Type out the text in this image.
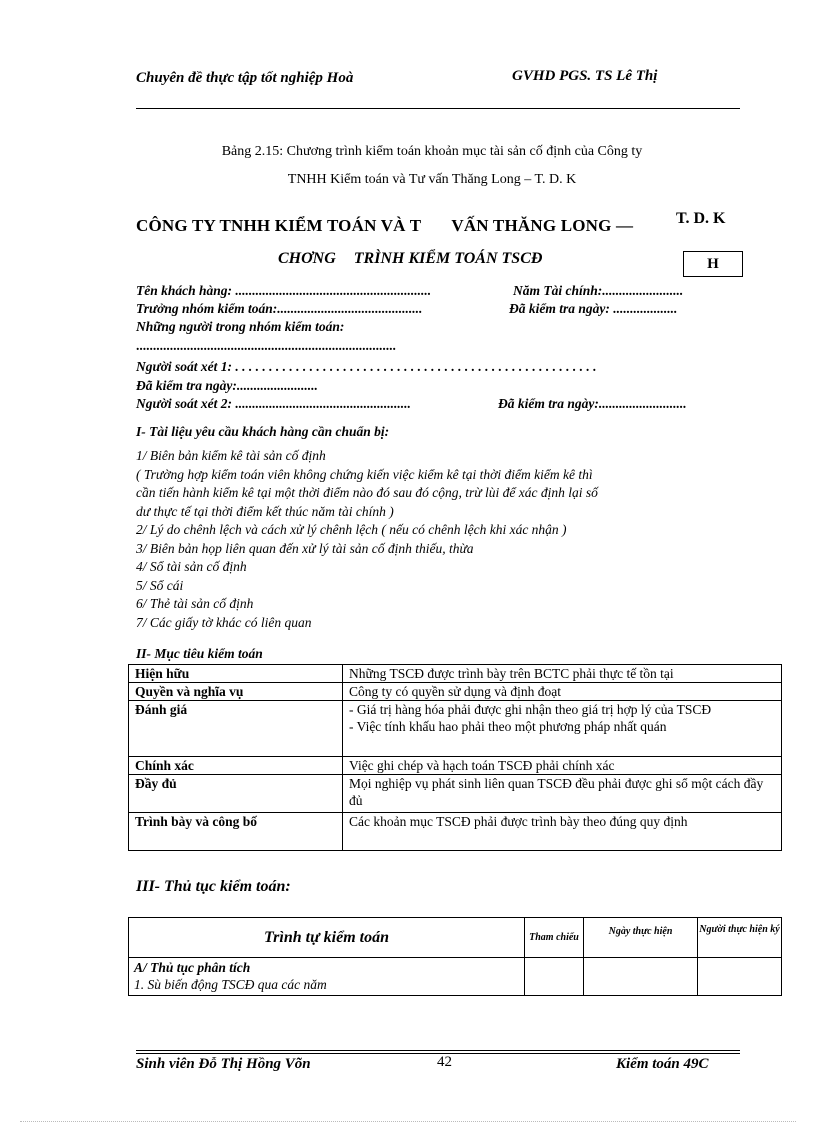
Chuyên đề thực tập tốt nghiệp Hoà	GVHD PGS. TS Lê Thị
Bảng 2.15: Chương trình kiểm toán khoản mục tài sản cố định của Công ty
TNHH Kiểm toán và Tư vấn Thăng Long – T. D. K
CÔNG TY TNHH KIỂM TOÁN VÀ T VẤN THĂNG LONG —	T. D. K
CHƠNG TRÌNH KIỂM TOÁN TSCĐ	H
Tên khách hàng: ..........................................................	Năm Tài chính:........................
Trưởng nhóm kiểm toán:...........................................	Đã kiểm tra ngày: ...................
Những người trong nhóm kiểm toán:
.............................................................................
Người soát xét 1: . . . . . . . . . . . . . . . . . . . . . . . . . . . . . . . . . . . . . . . . . . . . . . . . . . . . . .
Đã kiểm tra ngày:........................
Người soát xét 2: ....................................................	Đã kiểm tra ngày:..........................
I- Tài liệu yêu cầu khách hàng cần chuẩn bị:
1/ Biên bản kiểm kê tài sản cố định
( Trường hợp kiểm toán viên không chứng kiến việc kiểm kê tại thời điểm kiểm kê thì
cần tiến hành kiểm kê tại một thời điểm nào đó sau đó cộng, trừ lùi để xác định lại số
dư thực tế tại thời điểm kết thúc năm tài chính )
2/ Lý do chênh lệch và cách xử lý chênh lệch ( nếu có chênh lệch khi xác nhận )
3/ Biên bản họp liên quan đến xử lý tài sản cố định thiếu, thừa
4/ Sổ tài sản cố định
5/ Sổ cái
6/ Thẻ tài sản cố định
7/ Các giấy tờ khác có liên quan
II- Mục tiêu kiểm toán
Hiện hữu	Những TSCĐ được trình bày trên BCTC phải thực tế tồn tại
Quyền và nghĩa vụ	Công ty có quyền sử dụng và định đoạt
Đánh giá	- Giá trị hàng hóa phải được ghi nhận theo giá trị hợp lý của TSCĐ
- Việc tính khấu hao phải theo một phương pháp nhất quán

Chính xác	Việc ghi chép và hạch toán TSCĐ phải chính xác
Đầy đủ	Mọi nghiệp vụ phát sinh liên quan TSCĐ đều phải được ghi sổ một cách đầy đủ
Trình bày và công bố	Các khoản mục TSCĐ phải được trình bày theo đúng quy định
III- Thủ tục kiểm toán:
Trình tự kiểm toán	Tham chiếu	Ngày thực hiện	Người thực hiện ký

A/ Thủ tục phân tích
1. Sù biến động TSCĐ qua các năm			

Sinh viên Đỗ Thị Hồng Võn	42	Kiểm toán 49C
